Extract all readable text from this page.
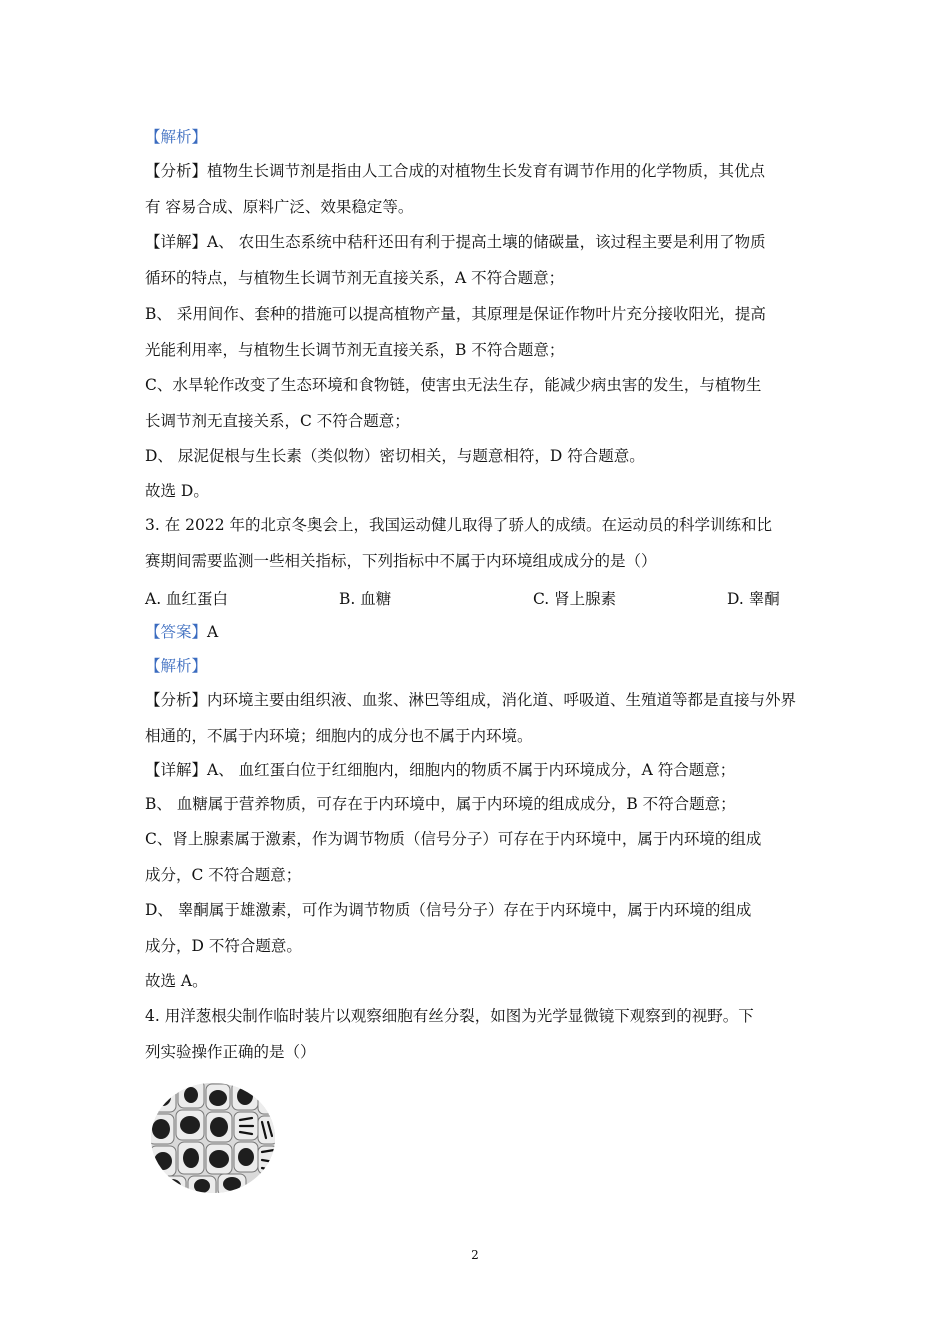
【解析】
【分析】植物生长调节剂是指由人工合成的对植物生长发育有调节作用的化学物质，其优点
有 容易合成、原料广泛、效果稳定等。
【详解】A、 农田生态系统中秸秆还田有利于提高土壤的储碳量，该过程主要是利用了物质
循环的特点，与植物生长调节剂无直接关系，A 不符合题意；
B、 采用间作、套种的措施可以提高植物产量，其原理是保证作物叶片充分接收阳光，提高
光能利用率，与植物生长调节剂无直接关系，B 不符合题意；
C、水旱轮作改变了生态环境和食物链，使害虫无法生存，能减少病虫害的发生，与植物生
长调节剂无直接关系，C 不符合题意；
D、 尿泥促根与生长素（类似物）密切相关，与题意相符，D 符合题意。
故选 D。
3. 在 2022 年的北京冬奥会上，我国运动健儿取得了骄人的成绩。在运动员的科学训练和比
赛期间需要监测一些相关指标，下列指标中不属于内环境组成成分的是（）
A. 血红蛋白	B. 血糖	C. 肾上腺素	D. 睾酮
【答案】A
【解析】
【分析】内环境主要由组织液、血浆、淋巴等组成，消化道、呼吸道、生殖道等都是直接与外界
相通的，不属于内环境；细胞内的成分也不属于内环境。
【详解】A、 血红蛋白位于红细胞内，细胞内的物质不属于内环境成分，A 符合题意；
B、 血糖属于营养物质，可存在于内环境中，属于内环境的组成成分，B 不符合题意；
C、肾上腺素属于激素，作为调节物质（信号分子）可存在于内环境中，属于内环境的组成
成分，C 不符合题意；
D、 睾酮属于雄激素，可作为调节物质（信号分子）存在于内环境中，属于内环境的组成
成分，D 不符合题意。
故选 A。
4. 用洋葱根尖制作临时装片以观察细胞有丝分裂，如图为光学显微镜下观察到的视野。下
列实验操作正确的是（）
2
